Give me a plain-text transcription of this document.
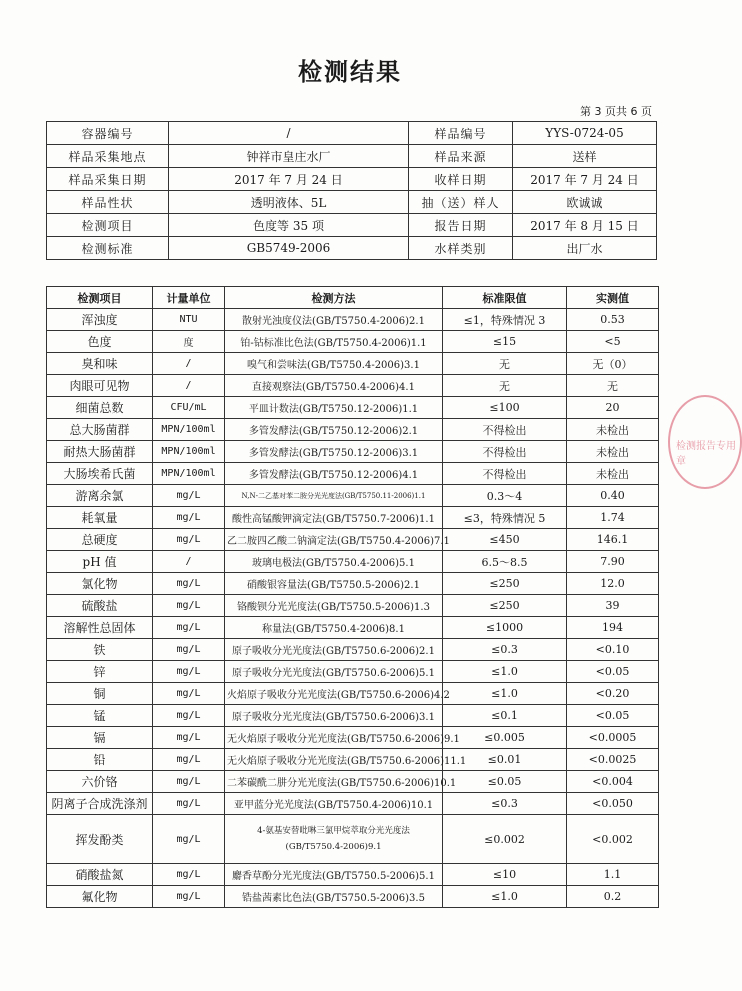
检测结果
第 3 页共 6 页
容器编号	/	样品编号	YYS-0724-05
样品采集地点	钟祥市皇庄水厂	样品来源	送样
样品采集日期	2017 年 7 月 24 日	收样日期	2017 年 7 月 24 日
样品性状	透明液体、5L	抽（送）样人	欧诚诚
检测项目	色度等 35 项	报告日期	2017 年 8 月 15 日
检测标准	GB5749-2006	水样类别	出厂水
检测项目	计量单位	检测方法	标准限值	实测值
浑浊度	NTU	散射光浊度仪法(GB/T5750.4-2006)2.1	≤1，特殊情况 3	0.53
色度	度	铂-钴标准比色法(GB/T5750.4-2006)1.1	≤15	<5
臭和味	/	嗅气和尝味法(GB/T5750.4-2006)3.1	无	无（0）
肉眼可见物	/	直接观察法(GB/T5750.4-2006)4.1	无	无
细菌总数	CFU/mL	平皿计数法(GB/T5750.12-2006)1.1	≤100	20
总大肠菌群	MPN/100ml	多管发酵法(GB/T5750.12-2006)2.1	不得检出	未检出
耐热大肠菌群	MPN/100ml	多管发酵法(GB/T5750.12-2006)3.1	不得检出	未检出
大肠埃希氏菌	MPN/100ml	多管发酵法(GB/T5750.12-2006)4.1	不得检出	未检出
游离余氯	mg/L	N,N-二乙基对苯二胺分光光度法(GB/T5750.11-2006)1.1	0.3～4	0.40
耗氧量	mg/L	酸性高锰酸钾滴定法(GB/T5750.7-2006)1.1	≤3，特殊情况 5	1.74
总硬度	mg/L	乙二胺四乙酸二钠滴定法(GB/T5750.4-2006)7.1	≤450	146.1
pH 值	/	玻璃电极法(GB/T5750.4-2006)5.1	6.5～8.5	7.90
氯化物	mg/L	硝酸银容量法(GB/T5750.5-2006)2.1	≤250	12.0
硫酸盐	mg/L	铬酸钡分光光度法(GB/T5750.5-2006)1.3	≤250	39
溶解性总固体	mg/L	称量法(GB/T5750.4-2006)8.1	≤1000	194
铁	mg/L	原子吸收分光光度法(GB/T5750.6-2006)2.1	≤0.3	<0.10
锌	mg/L	原子吸收分光光度法(GB/T5750.6-2006)5.1	≤1.0	<0.05
铜	mg/L	火焰原子吸收分光光度法(GB/T5750.6-2006)4.2	≤1.0	<0.20
锰	mg/L	原子吸收分光光度法(GB/T5750.6-2006)3.1	≤0.1	<0.05
镉	mg/L	无火焰原子吸收分光光度法(GB/T5750.6-2006)9.1	≤0.005	<0.0005
铅	mg/L	无火焰原子吸收分光光度法(GB/T5750.6-2006)11.1	≤0.01	<0.0025
六价铬	mg/L	二苯碳酰二肼分光光度法(GB/T5750.6-2006)10.1	≤0.05	<0.004
阴离子合成洗涤剂	mg/L	亚甲蓝分光光度法(GB/T5750.4-2006)10.1	≤0.3	<0.050
挥发酚类	mg/L	4-氨基安替吡啉三氯甲烷萃取分光光度法
(GB/T5750.4-2006)9.1	≤0.002	<0.002
硝酸盐氮	mg/L	麝香草酚分光光度法(GB/T5750.5-2006)5.1	≤10	1.1
氟化物	mg/L	锆盐茜素比色法(GB/T5750.5-2006)3.5	≤1.0	0.2
检测报告专用章
